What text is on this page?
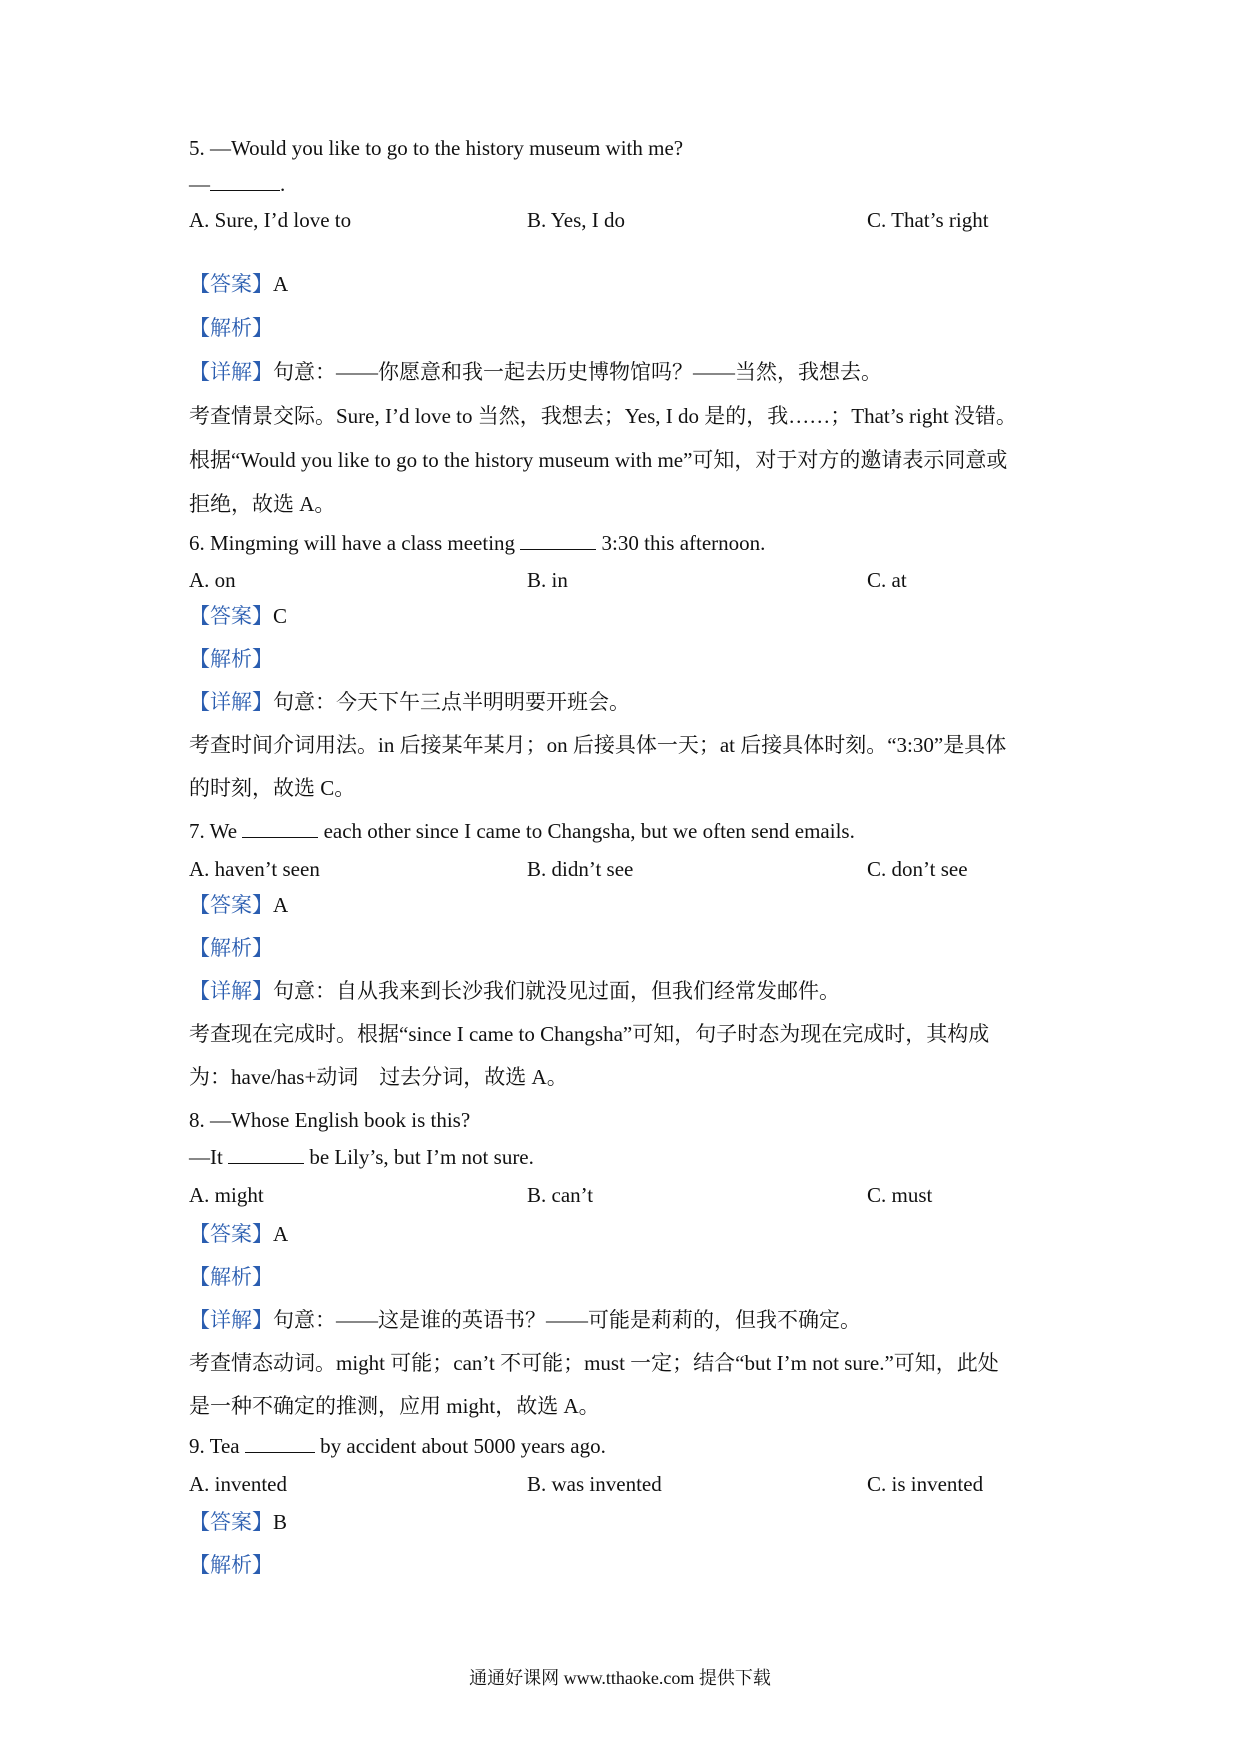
5. —Would you like to go to the history museum with me?
—	.
A. Sure, I’d love to	B. Yes, I do	C. That’s right
【答案】A
【解析】
【详解】句意：——你愿意和我一起去历史博物馆吗？——当然，我想去。
考查情景交际。Sure, I’d love to 当然，我想去；Yes, I do 是的，我……；That’s right 没错。
根据“Would you like to go to the history museum with me”可知，对于对方的邀请表示同意或
拒绝，故选 A。
6. Mingming will have a class meeting	3:30 this afternoon.
A. on	B. in	C. at
【答案】C
【解析】
【详解】句意：今天下午三点半明明要开班会。
考查时间介词用法。in 后接某年某月；on 后接具体一天；at 后接具体时刻。“3:30”是具体
的时刻，故选 C。
7. We	each other since I came to Changsha, but we often send emails.
A. haven’t seen	B. didn’t see	C. don’t see
【答案】A
【解析】
【详解】句意：自从我来到长沙我们就没见过面，但我们经常发邮件。
考查现在完成时。根据“since I came to Changsha”可知，句子时态为现在完成时，其构成
为：have/has+动词　过去分词，故选 A。
8. —Whose English book is this?
—It	be Lily’s, but I’m not sure.
A. might	B. can’t	C. must
【答案】A
【解析】
【详解】句意：——这是谁的英语书？——可能是莉莉的，但我不确定。
考查情态动词。might 可能；can’t 不可能；must 一定；结合“but I’m not sure.”可知，此处
是一种不确定的推测，应用 might，故选 A。
9. Tea	by accident about 5000 years ago.
A. invented	B. was invented	C. is invented
【答案】B
【解析】
通通好课网 www.tthaoke.com 提供下载
